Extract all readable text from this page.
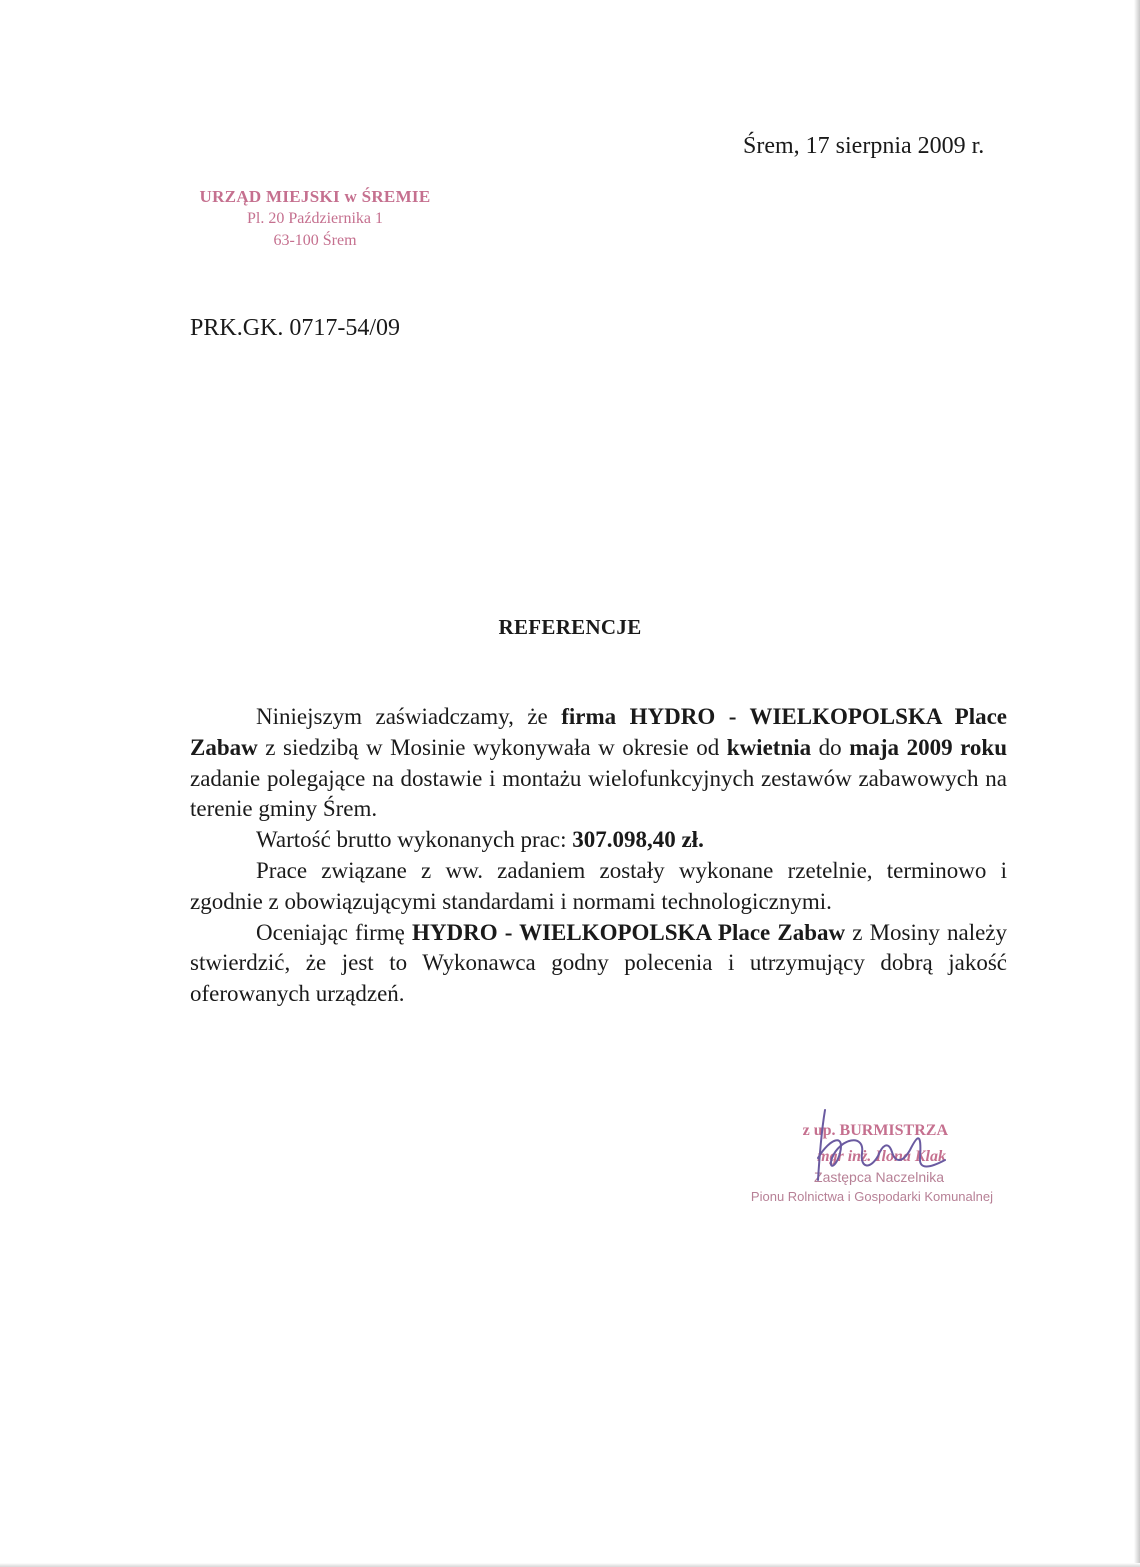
Śrem, 17 sierpnia 2009 r.
URZĄD MIEJSKI w ŚREMIE
Pl. 20 Października 1
63-100 Śrem
PRK.GK. 0717-54/09
REFERENCJE

Niniejszym zaświadczamy, że firma HYDRO - WIELKOPOLSKA Place Zabaw z siedzibą w Mosinie wykonywała w okresie od kwietnia do maja 2009 roku zadanie polegające na dostawie i montażu wielofunkcyjnych zestawów zabawowych na terenie gminy Śrem.

Wartość brutto wykonanych prac: 307.098,40 zł.

Prace związane z ww. zadaniem zostały wykonane rzetelnie, terminowo i zgodnie z obowiązującymi standardami i normami technologicznymi.

Oceniając firmę HYDRO - WIELKOPOLSKA Place Zabaw z Mosiny należy stwierdzić, że jest to Wykonawca godny polecenia i utrzymujący dobrą jakość oferowanych urządzeń.

z up. BURMISTRZA
mgr inż. Ilona Klak
Zastępca Naczelnika
Pionu Rolnictwa i Gospodarki Komunalnej
